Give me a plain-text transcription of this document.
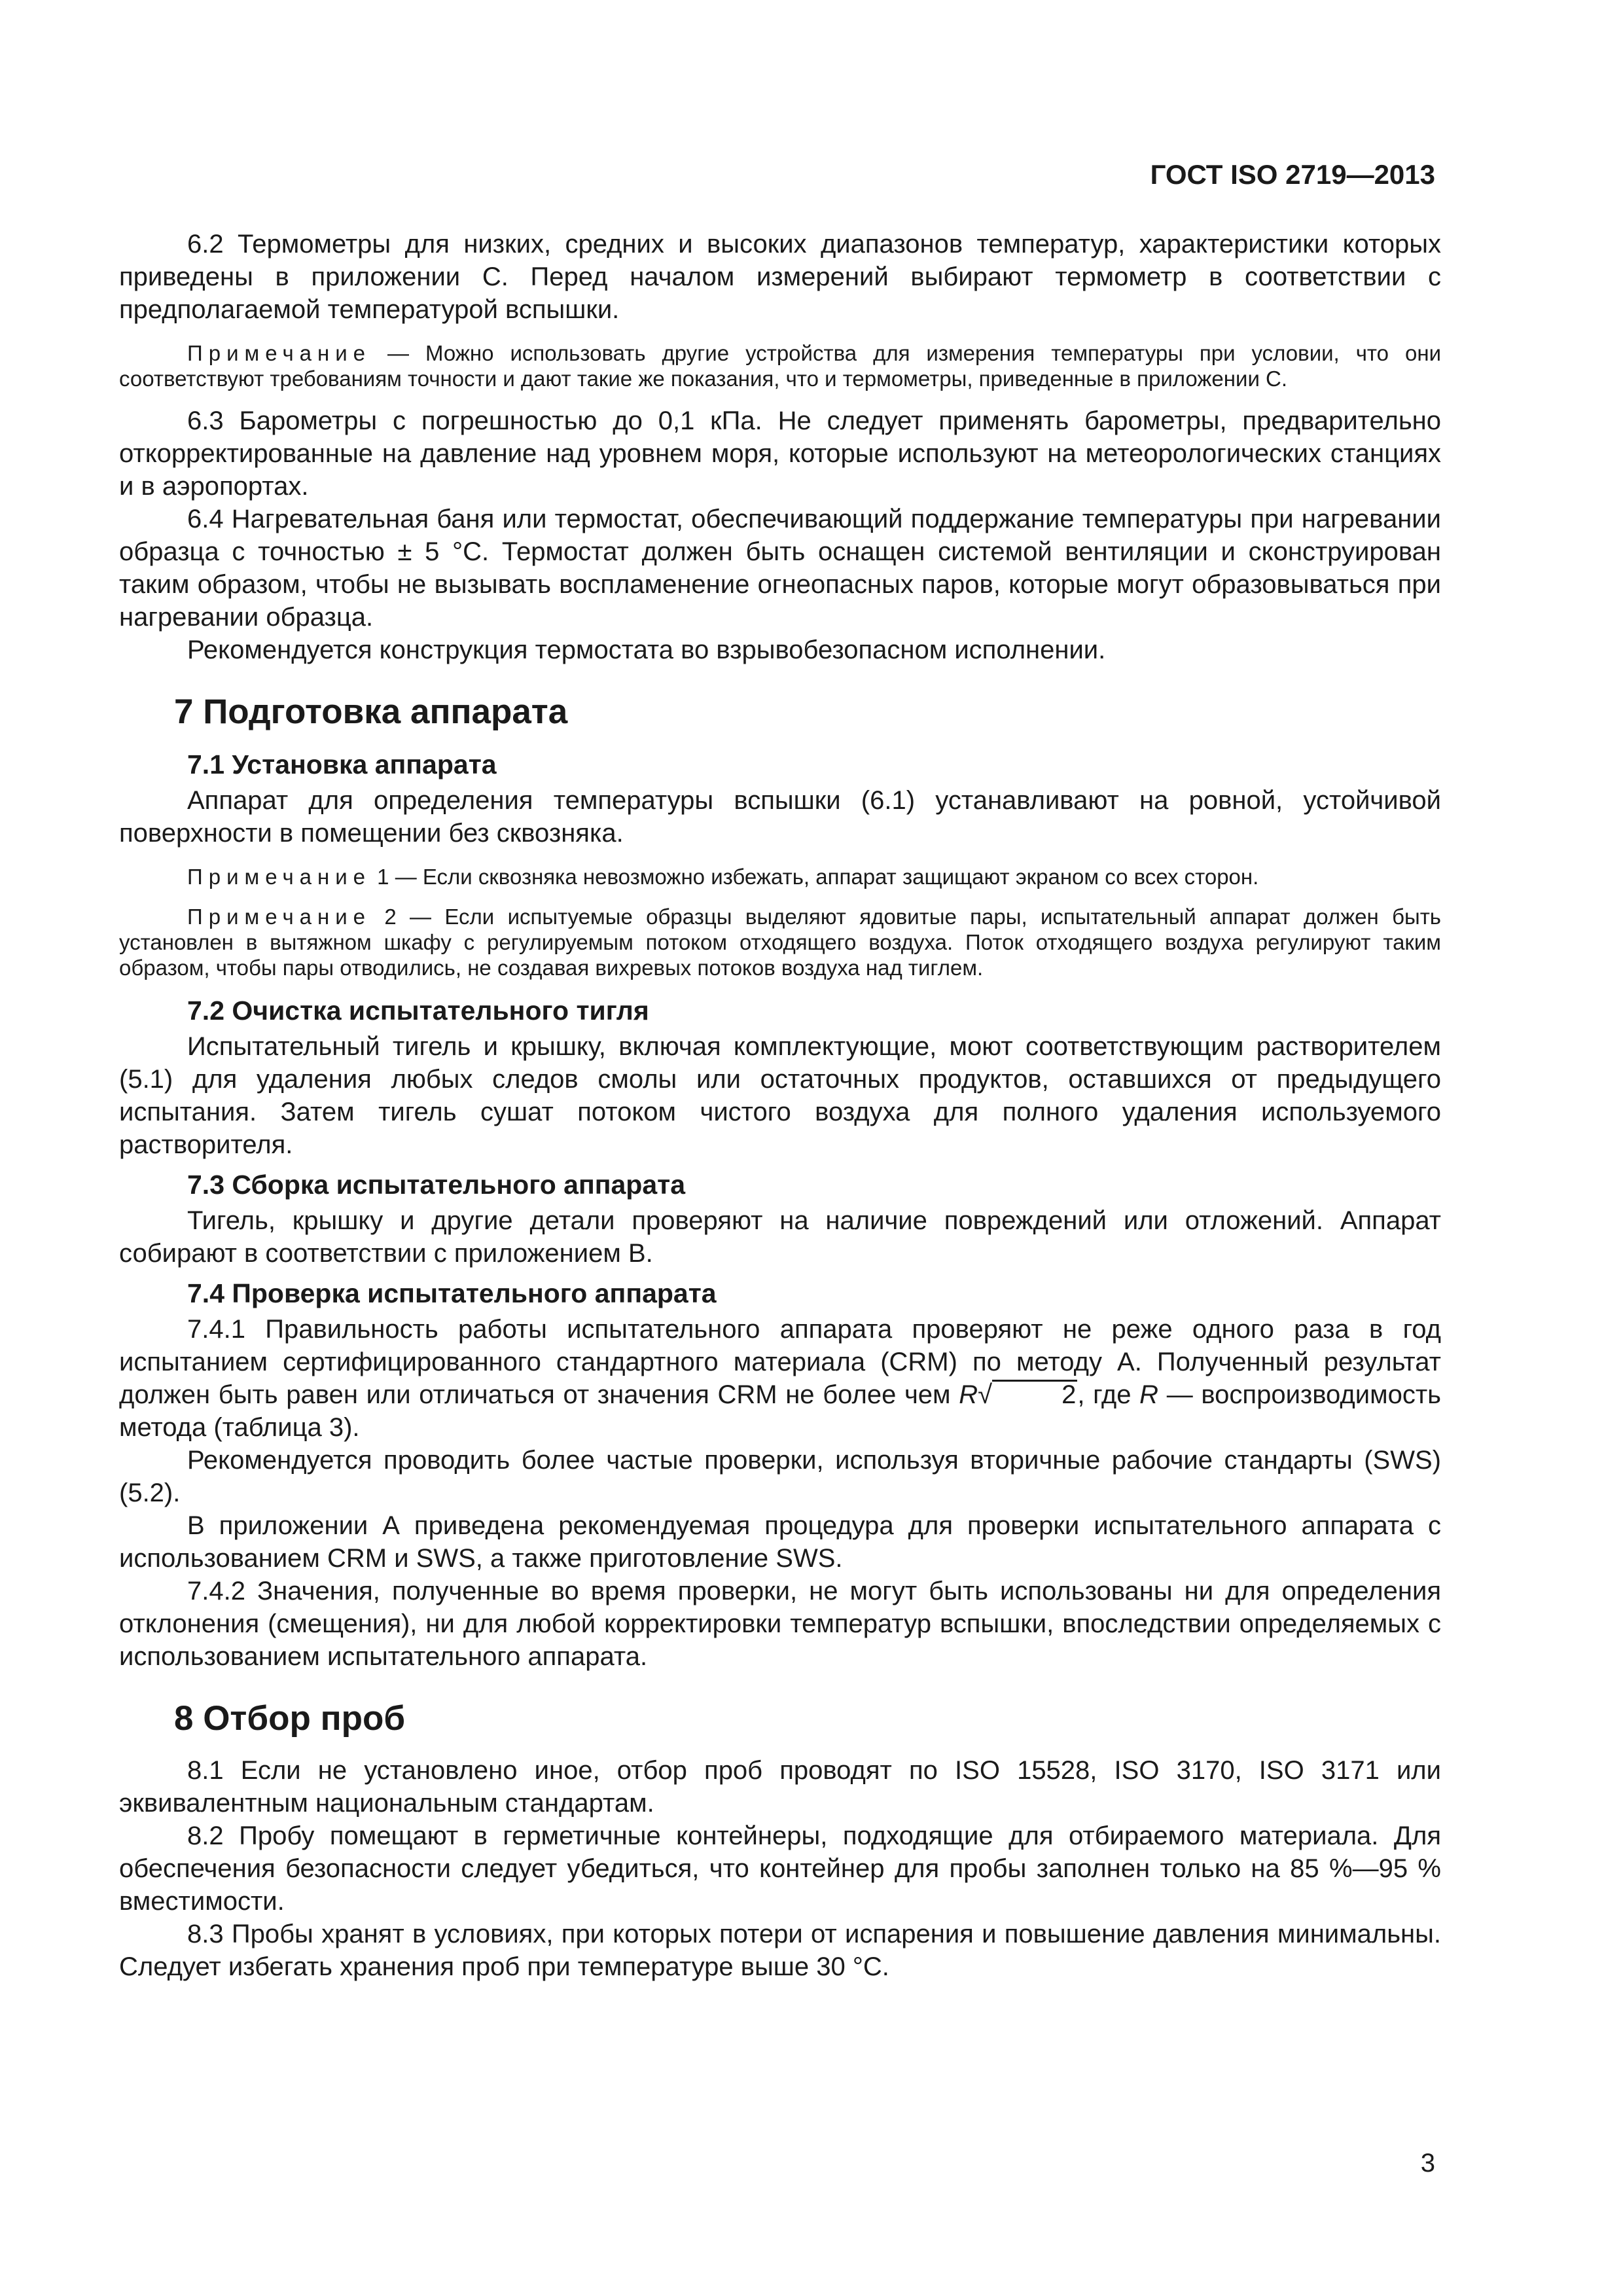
ГОСТ ISO 2719—2013

6.2 Термометры для низких, средних и высоких диапазонов температур, характеристики которых приведены в приложении С. Перед началом измерений выбирают термометр в соответствии с предполагаемой температурой вспышки.

Примечание — Можно использовать другие устройства для измерения температуры при условии, что они соответствуют требованиям точности и дают такие же показания, что и термометры, приведенные в приложении С.

6.3 Барометры с погрешностью до 0,1 кПа. Не следует применять барометры, предварительно откорректированные на давление над уровнем моря, которые используют на метеорологических станциях и в аэропортах.

6.4 Нагревательная баня или термостат, обеспечивающий поддержание температуры при нагревании образца с точностью ± 5 °С. Термостат должен быть оснащен системой вентиляции и сконструирован таким образом, чтобы не вызывать воспламенение огнеопасных паров, которые могут образовываться при нагревании образца.

Рекомендуется конструкция термостата во взрывобезопасном исполнении.

7 Подготовка аппарата
7.1 Установка аппарата

Аппарат для определения температуры вспышки (6.1) устанавливают на ровной, устойчивой поверхности в помещении без сквозняка.

Примечание 1 — Если сквозняка невозможно избежать, аппарат защищают экраном со всех сторон.

Примечание 2 — Если испытуемые образцы выделяют ядовитые пары, испытательный аппарат должен быть установлен в вытяжном шкафу с регулируемым потоком отходящего воздуха. Поток отходящего воздуха регулируют таким образом, чтобы пары отводились, не создавая вихревых потоков воздуха над тиглем.

7.2 Очистка испытательного тигля

Испытательный тигель и крышку, включая комплектующие, моют соответствующим растворителем (5.1) для удаления любых следов смолы или остаточных продуктов, оставшихся от предыдущего испытания. Затем тигель сушат потоком чистого воздуха для полного удаления используемого растворителя.

7.3 Сборка испытательного аппарата

Тигель, крышку и другие детали проверяют на наличие повреждений или отложений. Аппарат собирают в соответствии с приложением В.

7.4 Проверка испытательного аппарата

7.4.1 Правильность работы испытательного аппарата проверяют не реже одного раза в год испытанием сертифицированного стандартного материала (CRM) по методу А. Полученный результат должен быть равен или отличаться от значения CRM не более чем R√	2, где R — воспроизводимость метода (таблица 3).

Рекомендуется проводить более частые проверки, используя вторичные рабочие стандарты (SWS) (5.2).

В приложении А приведена рекомендуемая процедура для проверки испытательного аппарата с использованием CRM и SWS, а также приготовление SWS.

7.4.2 Значения, полученные во время проверки, не могут быть использованы ни для определения отклонения (смещения), ни для любой корректировки температур вспышки, впоследствии определяемых с использованием испытательного аппарата.

8 Отбор проб

8.1 Если не установлено иное, отбор проб проводят по ISO 15528, ISO 3170, ISO 3171 или эквивалентным национальным стандартам.

8.2 Пробу помещают в герметичные контейнеры, подходящие для отбираемого материала. Для обеспечения безопасности следует убедиться, что контейнер для пробы заполнен только на 85 %—95 % вместимости.

8.3 Пробы хранят в условиях, при которых потери от испарения и повышение давления минимальны. Следует избегать хранения проб при температуре выше 30 °С.

3
